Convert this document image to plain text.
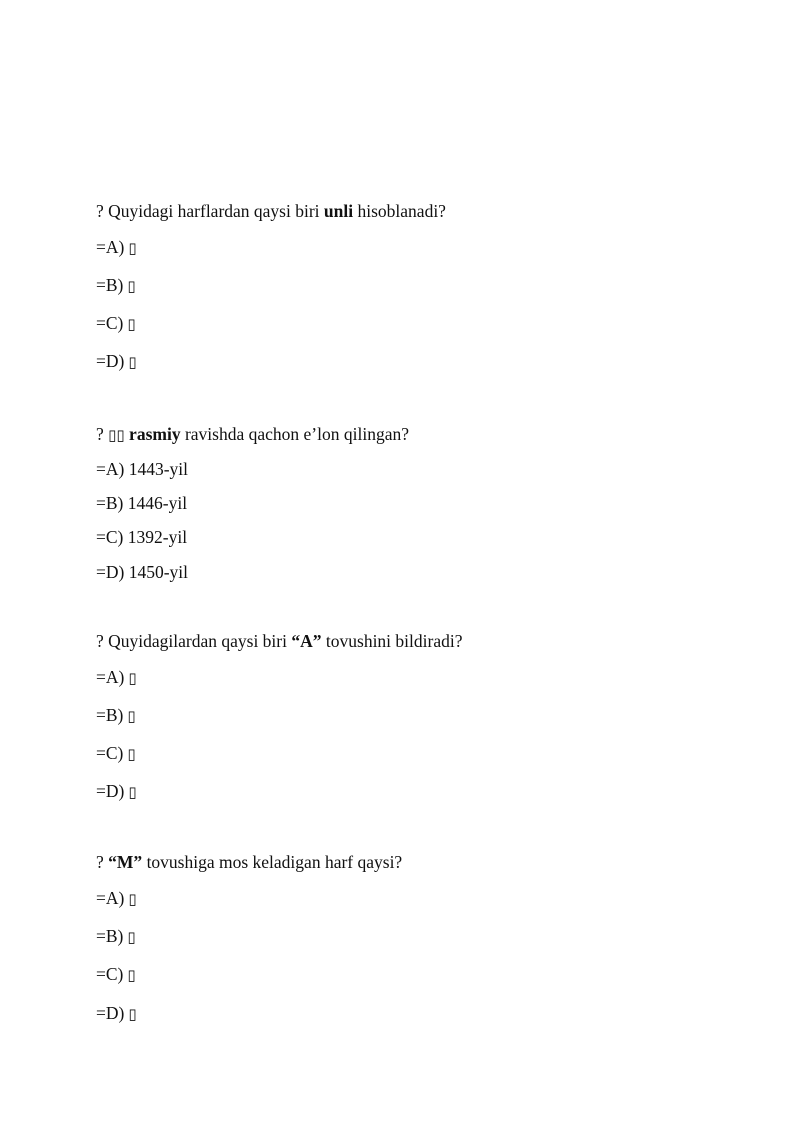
? Quyidagi harflardan qaysi biri unli hisoblanadi?
=A) ▯
=B) ▯
=C) ▯
=D) ▯
? ▯▯ rasmiy ravishda qachon e’lon qilingan?
=A) 1443-yil
=B) 1446-yil
=C) 1392-yil
=D) 1450-yil
? Quyidagilardan qaysi biri “A” tovushini bildiradi?
=A) ▯
=B) ▯
=C) ▯
=D) ▯
? “M” tovushiga mos keladigan harf qaysi?
=A) ▯
=B) ▯
=C) ▯
=D) ▯
